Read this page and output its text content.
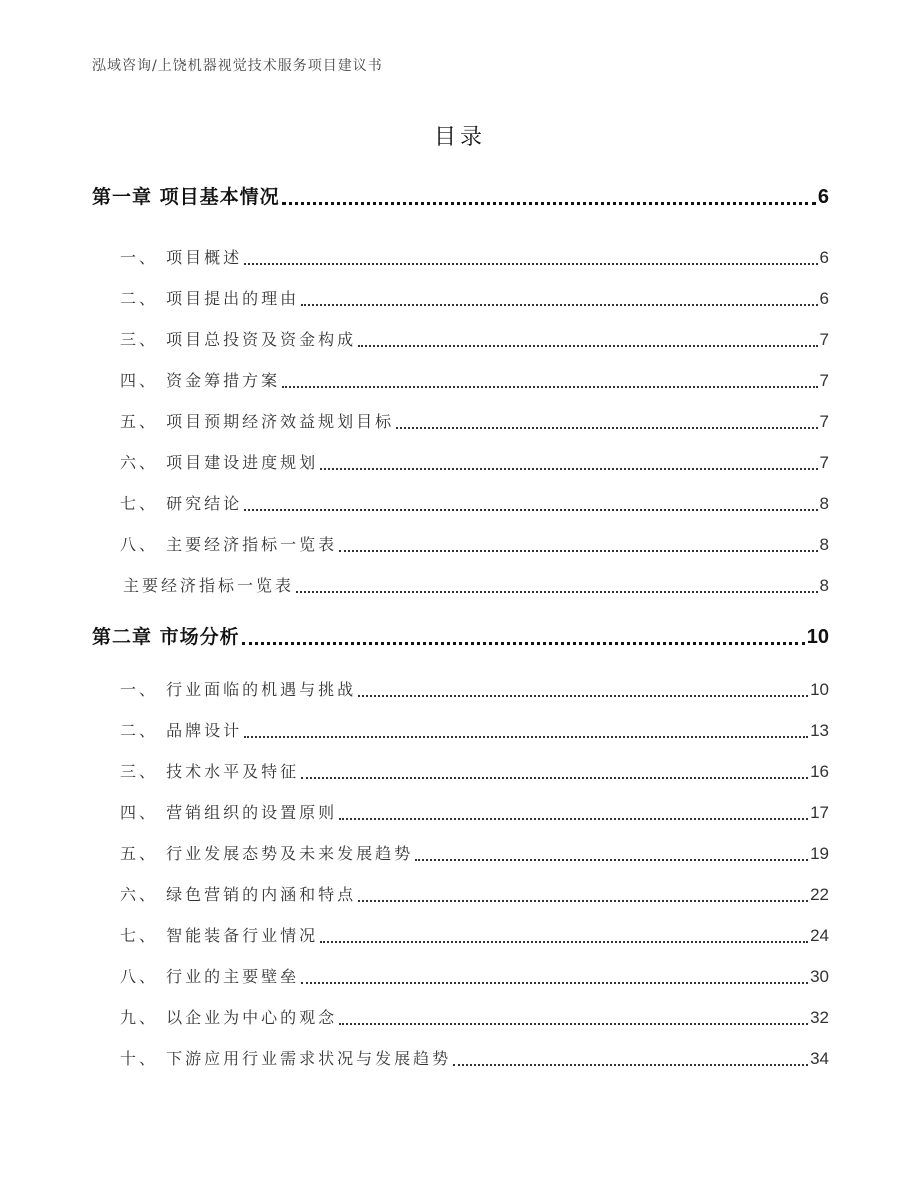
泓域咨询/上饶机器视觉技术服务项目建议书
目录
第一章 项目基本情况	6
一、 项目概述	6
二、 项目提出的理由	6
三、 项目总投资及资金构成	7
四、 资金筹措方案	7
五、 项目预期经济效益规划目标	7
六、 项目建设进度规划	7
七、 研究结论	8
八、 主要经济指标一览表	8
主要经济指标一览表	8
第二章 市场分析	10
一、 行业面临的机遇与挑战	10
二、 品牌设计	13
三、 技术水平及特征	16
四、 营销组织的设置原则	17
五、 行业发展态势及未来发展趋势	19
六、 绿色营销的内涵和特点	22
七、 智能装备行业情况	24
八、 行业的主要壁垒	30
九、 以企业为中心的观念	32
十、 下游应用行业需求状况与发展趋势	34
